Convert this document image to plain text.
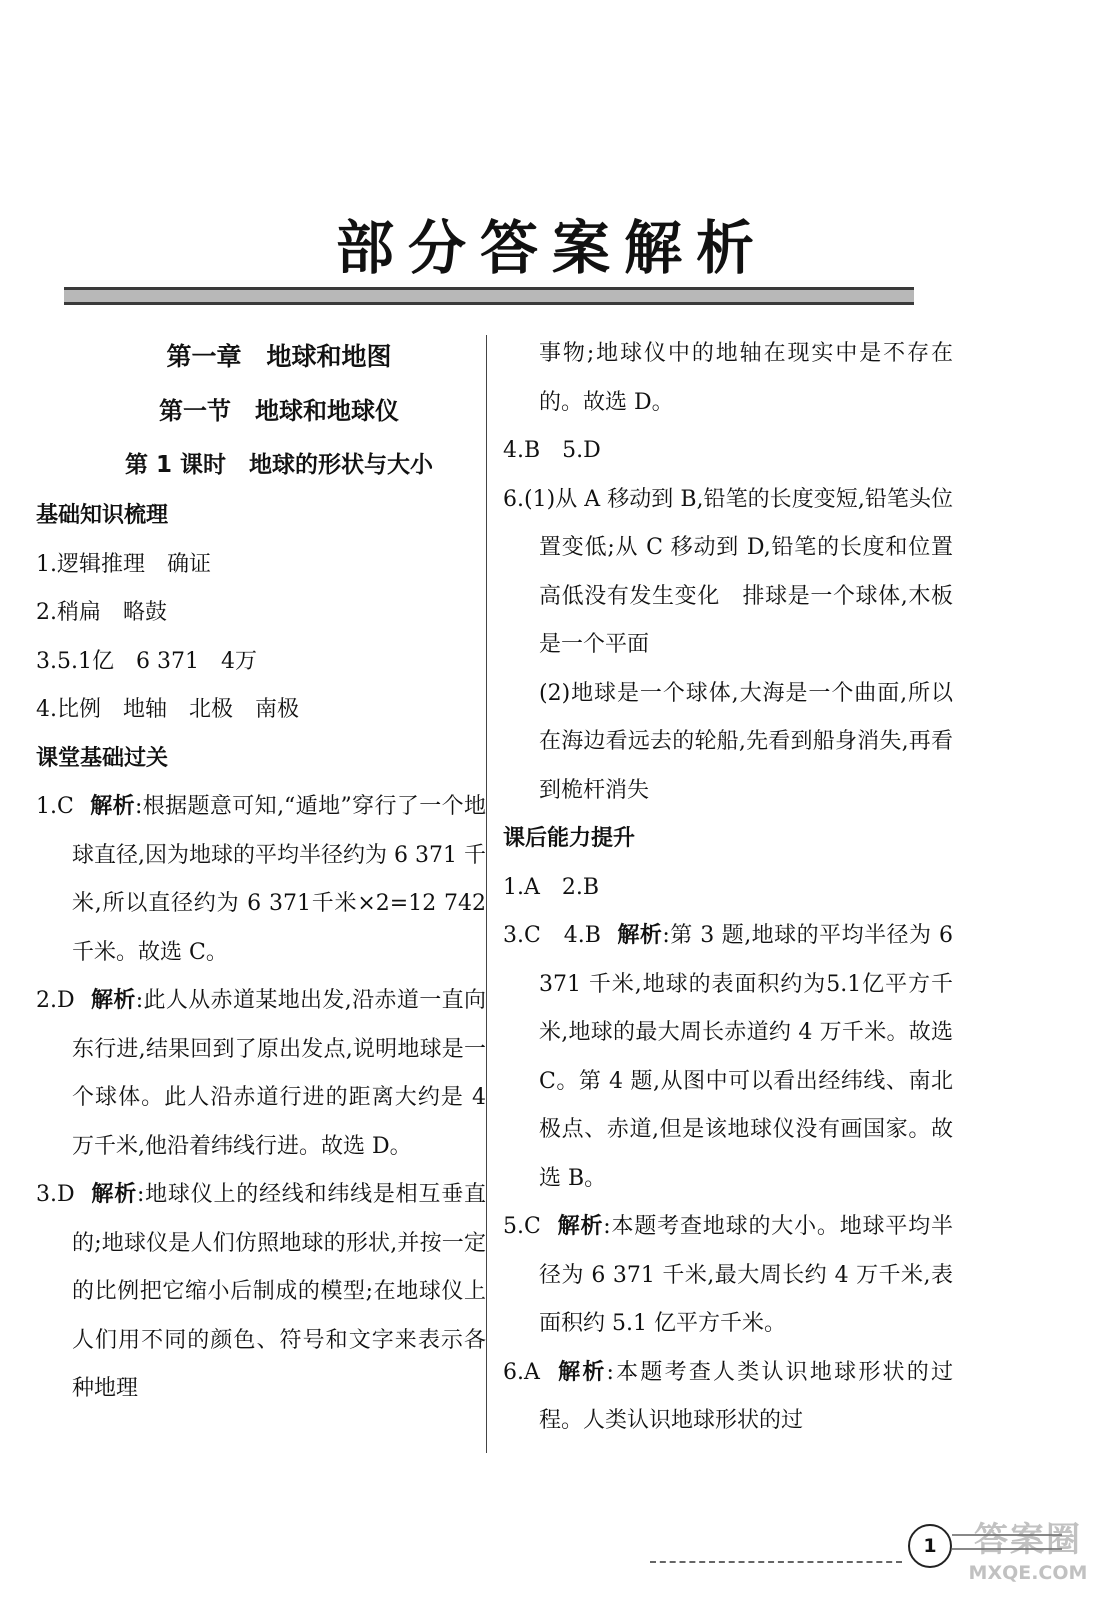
部分答案解析
第一章　地球和地图
第一节　地球和地球仪
第 1 课时　地球的形状与大小
基础知识梳理
1.逻辑推理　确证
2.稍扁　略鼓
3.5.1亿　6 371　4万
4.比例　地轴　北极　南极
课堂基础过关
1.C 解析:根据题意可知,“遁地”穿行了一个地球直径,因为地球的平均半径约为 6 371 千米,所以直径约为 6 371千米×2=12 742 千米。故选 C。
2.D 解析:此人从赤道某地出发,沿赤道一直向东行进,结果回到了原出发点,说明地球是一个球体。此人沿赤道行进的距离大约是 4 万千米,他沿着纬线行进。故选 D。
3.D 解析:地球仪上的经线和纬线是相互垂直的;地球仪是人们仿照地球的形状,并按一定的比例把它缩小后制成的模型;在地球仪上人们用不同的颜色、符号和文字来表示各种地理
事物;地球仪中的地轴在现实中是不存在的。故选 D。
4.B　5.D
6.(1)从 A 移动到 B,铅笔的长度变短,铅笔头位置变低;从 C 移动到 D,铅笔的长度和位置高低没有发生变化　排球是一个球体,木板是一个平面
(2)地球是一个球体,大海是一个曲面,所以在海边看远去的轮船,先看到船身消失,再看到桅杆消失
课后能力提升
1.A　2.B
3.C　4.B 解析:第 3 题,地球的平均半径为 6 371 千米,地球的表面积约为5.1亿平方千米,地球的最大周长赤道约 4 万千米。故选 C。第 4 题,从图中可以看出经纬线、南北极点、赤道,但是该地球仪没有画国家。故选 B。
5.C 解析:本题考查地球的大小。地球平均半径为 6 371 千米,最大周长约 4 万千米,表面积约 5.1 亿平方千米。
6.A 解析:本题考查人类认识地球形状的过程。人类认识地球形状的过
1	答案圈
MXQE.COM
